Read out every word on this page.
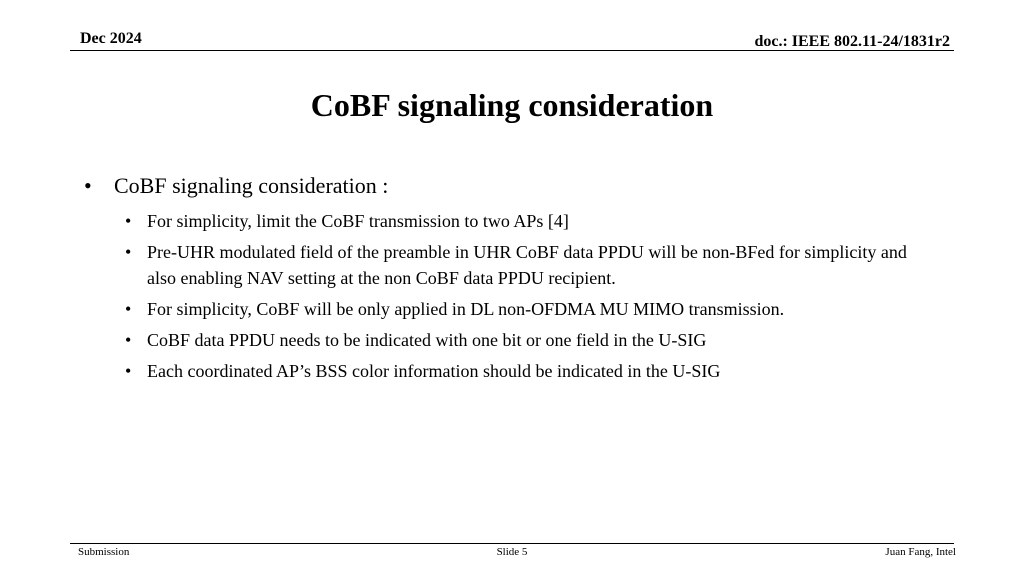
Dec 2024	doc.: IEEE 802.11-24/1831r2
CoBF signaling consideration
•	CoBF signaling consideration :
• For simplicity, limit the CoBF transmission to two APs [4]
• Pre-UHR modulated field of the preamble in UHR CoBF data PPDU will be non-BFed for simplicity and also enabling NAV setting at the non CoBF data PPDU recipient.
• For simplicity, CoBF will be only applied in DL non-OFDMA MU MIMO transmission.
• CoBF data PPDU needs to be indicated with one bit or one field in the U-SIG
• Each coordinated AP’s BSS color information should be indicated in the U-SIG
Submission	Slide 5	Juan Fang, Intel
